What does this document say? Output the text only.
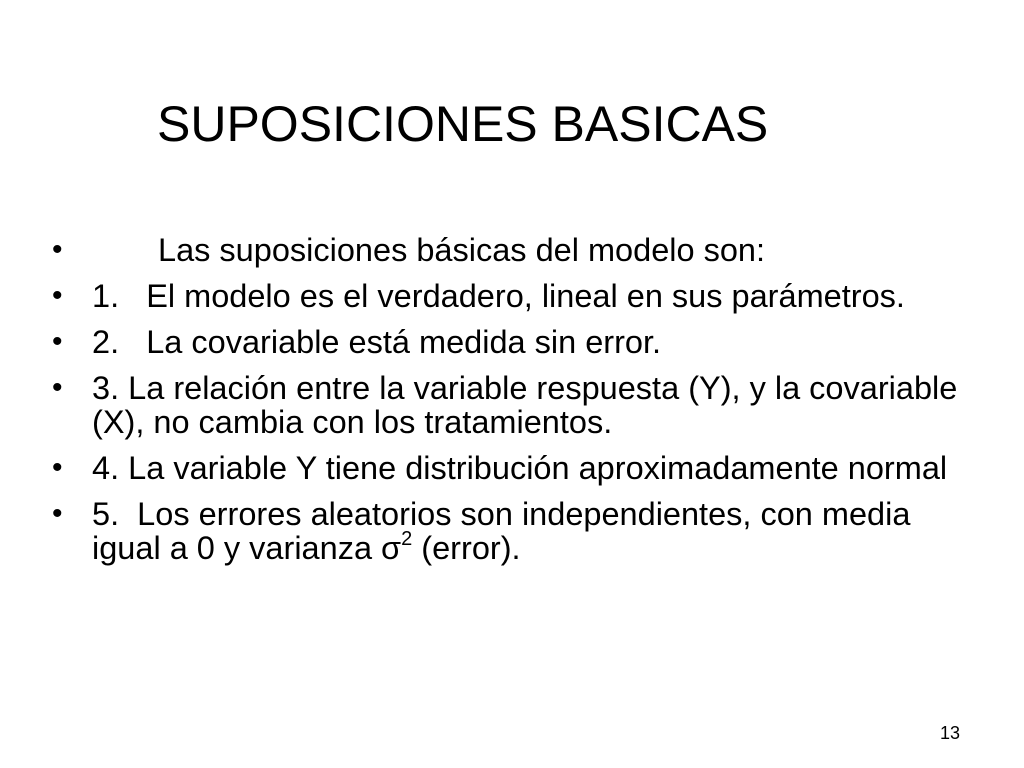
SUPOSICIONES BASICAS
•	Las suposiciones básicas del modelo son:
• 1.   El modelo es el verdadero, lineal en sus parámetros.
• 2.   La covariable está medida sin error.
• 3. La relación entre la variable respuesta (Y), y la covariable (X), no cambia con los tratamientos.
• 4. La variable Y tiene distribución aproximadamente normal
• 5.  Los errores aleatorios son independientes, con media igual a 0 y varianza $\sigma^2$ (error).
13
